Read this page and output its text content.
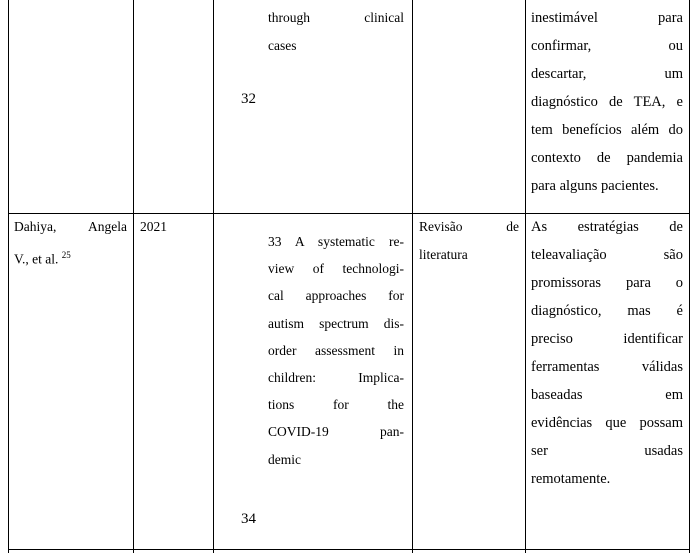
through clinical
cases
32
inestimável para
confirmar, ou
descartar, um
diagnóstico de TEA, e
tem benefícios além do
contexto de pandemia
para alguns pacientes.
Dahiya, Angela
V., et al. $^{25}$
2021
33 A systematic re-
view of technologi-
cal approaches for
autism spectrum dis-
order assessment in
children: Implica-
tions for the
COVID-19 pan-
demic
34
Revisão de
literatura
As estratégias de
teleavaliação são
promissoras para o
diagnóstico, mas é
preciso identificar
ferramentas válidas
baseadas em
evidências que possam
ser usadas
remotamente.
